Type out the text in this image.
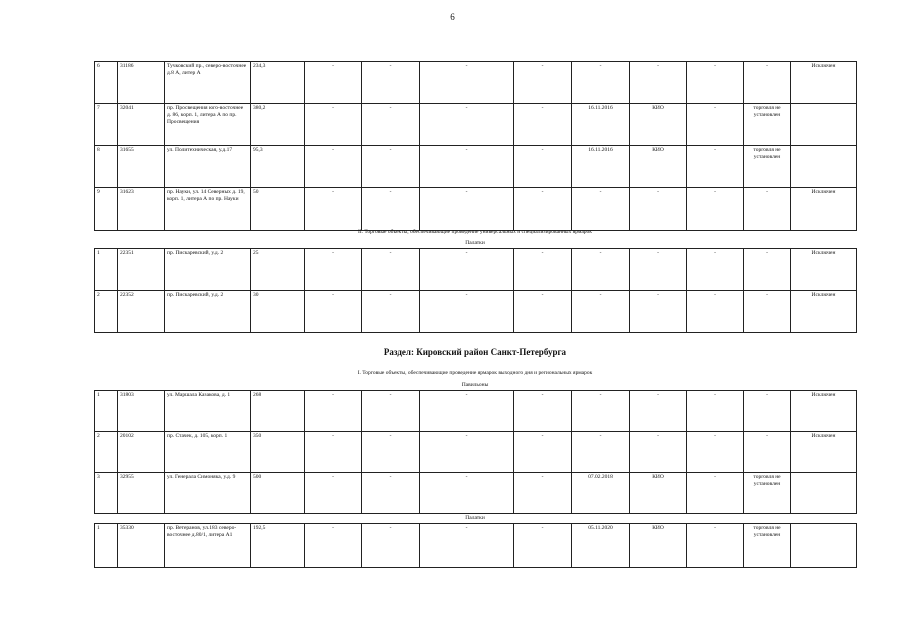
6
6	31186	Тучковский пр., северо-восточнее д.8 А, литер А	234,3	-	-	-	-	-	-	-	-	Исключен
7	32041	пр. Просвещения юго-восточнее д. 86, корп. 1, литера А по пр. Просвещения	380,2	-	-	-	-	16.11.2016	КИО	-	торговля не установлен	
8	31655	ул. Политехническая, у.д.17	95,3	-	-	-	-	16.11.2016	КИО	-	торговля не установлен	
9	31623	пр. Науки, ул. 14 Северных д. 19, корп. 1, литера А по пр. Науки	50	-	-	-	-	-	-	-	-	Исключен
II. Торговые объекты, обеспечивающие проведение универсальных и специализированных ярмарок
Палатки
1	22351	пр. Пискаревский, у.д. 2	25	-	-	-	-	-	-	-	-	Исключен
2	22352	пр. Пискаревский, у.д. 2	30	-	-	-	-	-	-	-	-	Исключен
Раздел: Кировский район Санкт-Петербурга
I. Торговые объекты, обеспечивающие проведение ярмарок выходного дня и региональных ярмарок
Павильоны
1	31803	ул. Маршала Казакова, д. 1	268	-	-	-	-	-	-	-	-	Исключен
2	20102	пр. Стачек, д. 105, корп. 1	350	-	-	-	-	-	-	-	-	Исключен
3	32955	ул. Генерала Симоняка, у.д. 9	500	-	-	-	-	07.02.2018	КИО	-	торговля не установлен	
Палатки
1	35330	пр. Ветеранов, ул.183 северо-восточнее д.80/1, литера А1	192,5	-	-	-	-	05.11.2020	КИО	-	торговля не установлен	
